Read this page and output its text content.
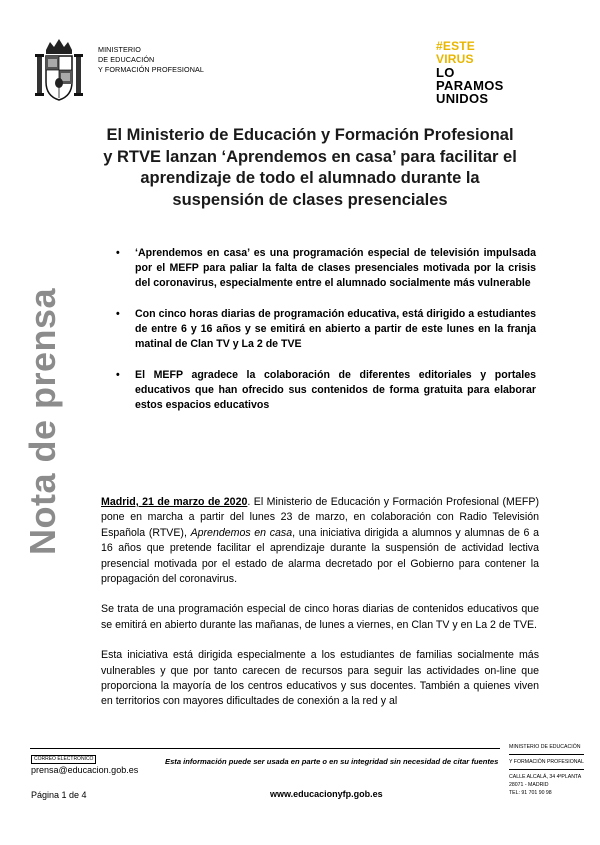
MINISTERIO
DE EDUCACIÓN
Y FORMACIÓN PROFESIONAL
#ESTE
VIRUS
LO
PARAMOS
UNIDOS
El Ministerio de Educación y Formación Profesional y RTVE lanzan ‘Aprendemos en casa’ para facilitar el aprendizaje de todo el alumnado durante la suspensión de clases presenciales
Nota de prensa
• ‘Aprendemos en casa’ es una programación especial de televisión impulsada por el MEFP para paliar la falta de clases presenciales motivada por la crisis del coronavirus, especialmente entre el alumnado socialmente más vulnerable
• Con cinco horas diarias de programación educativa, está dirigido a estudiantes de entre 6 y 16 años y se emitirá en abierto a partir de este lunes en la franja matinal de Clan TV y La 2 de TVE
• El MEFP agradece la colaboración de diferentes editoriales y portales educativos que han ofrecido sus contenidos de forma gratuita para elaborar estos espacios educativos

Madrid, 21 de marzo de 2020. El Ministerio de Educación y Formación Profesional (MEFP) pone en marcha a partir del lunes 23 de marzo, en colaboración con Radio Televisión Española (RTVE), Aprendemos en casa, una iniciativa dirigida a alumnos y alumnas de 6 a 16 años que pretende facilitar el aprendizaje durante la suspensión de actividad lectiva presencial motivada por el estado de alarma decretado por el Gobierno para contener la propagación del coronavirus.

Se trata de una programación especial de cinco horas diarias de contenidos educativos que se emitirá en abierto durante las mañanas, de lunes a viernes, en Clan TV y en La 2 de TVE.

Esta iniciativa está dirigida especialmente a los estudiantes de familias socialmente más vulnerables y que por tanto carecen de recursos para seguir las actividades on-line que proporciona la mayoría de los centros educativos y sus docentes. También a quienes viven en territorios con mayores dificultades de conexión a la red y al

CORREO ELECTRÓNICO
prensa@educacion.gob.es
Esta información puede ser usada en parte o en su integridad sin necesidad de citar fuentes
Página 1 de 4	www.educacionyfp.gob.es
MINISTERIO DE EDUCACIÓN
Y FORMACIÓN PROFESIONAL
CALLE ALCALÁ, 34 4ªPLANTA
28071 - MADRID
TEL: 91 701 90 98
